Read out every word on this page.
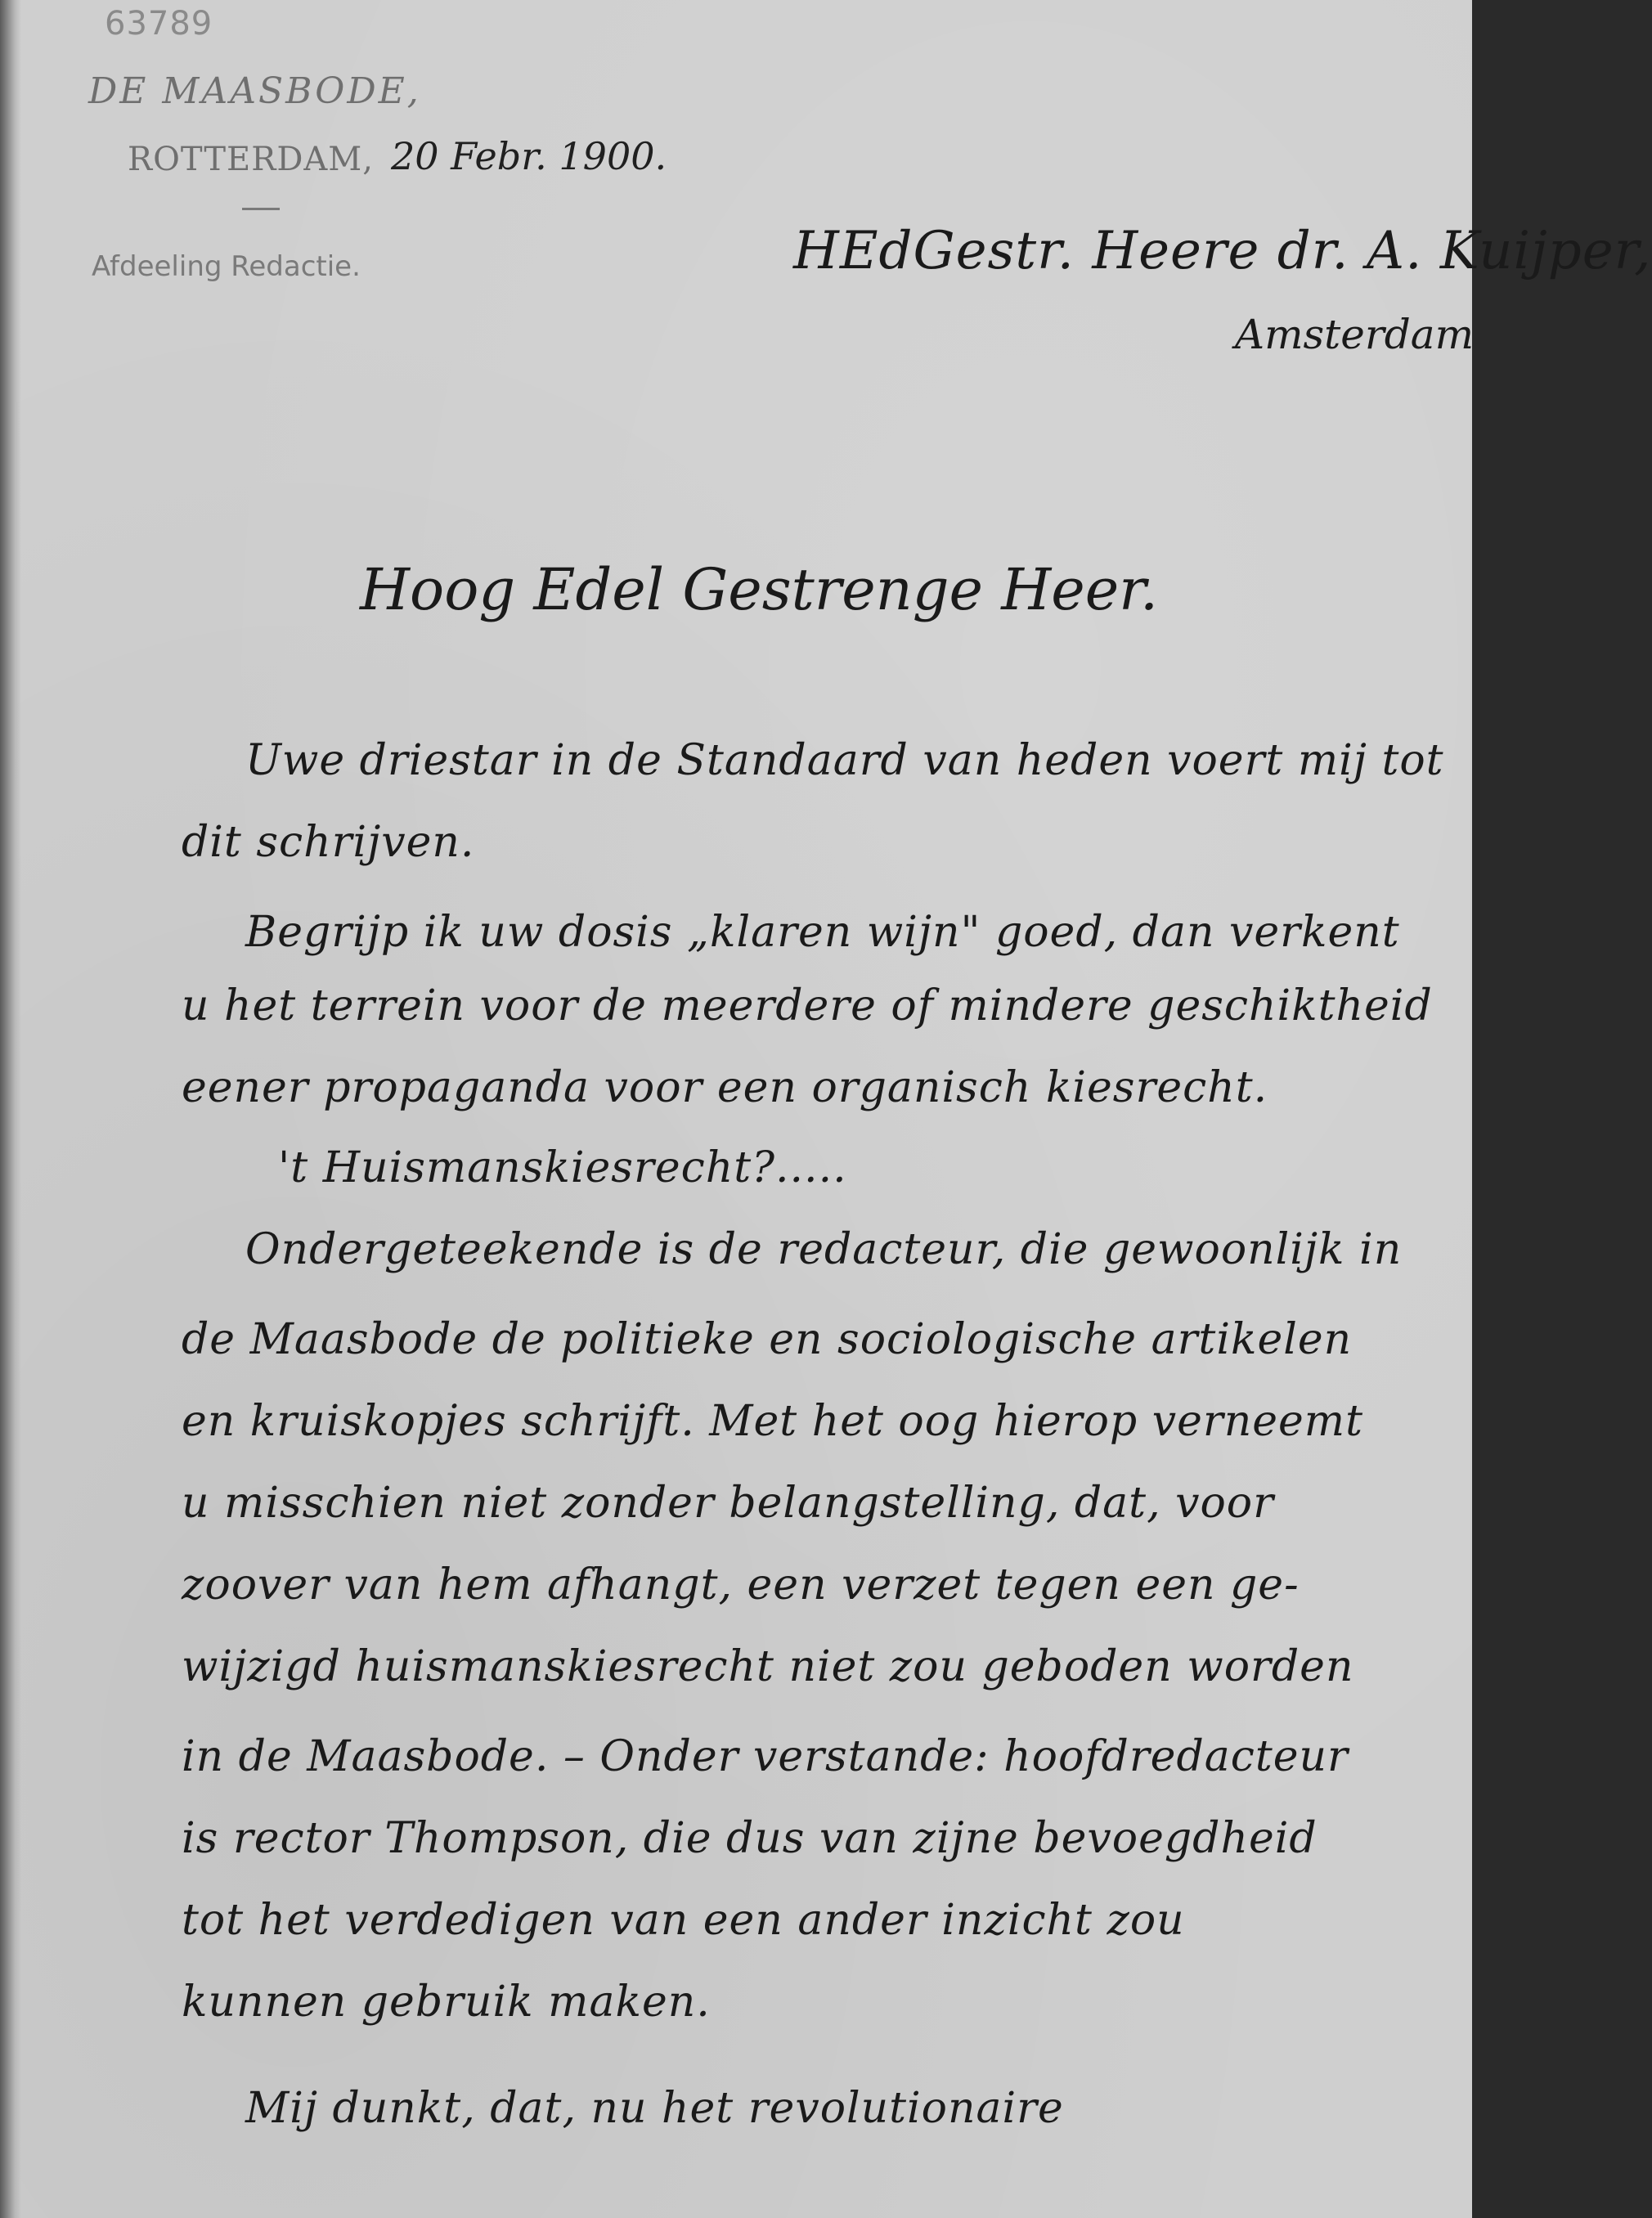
63789
DE MAASBODE,
ROTTERDAM, 20 Febr. 1900.
Afdeeling Redactie.	HEdGestr. Heere dr. A. Kuijper,
Amsterdam
Hoog Edel Gestrenge Heer.
Uwe driestar in de Standaard van heden voert mij tot
dit schrijven.
Begrijp ik uw dosis „klaren wijn" goed, dan verkent
u het terrein voor de meerdere of mindere geschiktheid
eener propaganda voor een organisch kiesrecht.
't Huismanskiesrecht?.....
Ondergeteekende is de redacteur, die gewoonlijk in
de Maasbode de politieke en sociologische artikelen
en kruiskopjes schrijft. Met het oog hierop verneemt
u misschien niet zonder belangstelling, dat, voor
zoover van hem afhangt, een verzet tegen een ge-
wijzigd huismanskiesrecht niet zou geboden worden
in de Maasbode. – Onder verstande: hoofdredacteur
is rector Thompson, die dus van zijne bevoegdheid
tot het verdedigen van een ander inzicht zou
kunnen gebruik maken.
Mij dunkt, dat, nu het revolutionaire
